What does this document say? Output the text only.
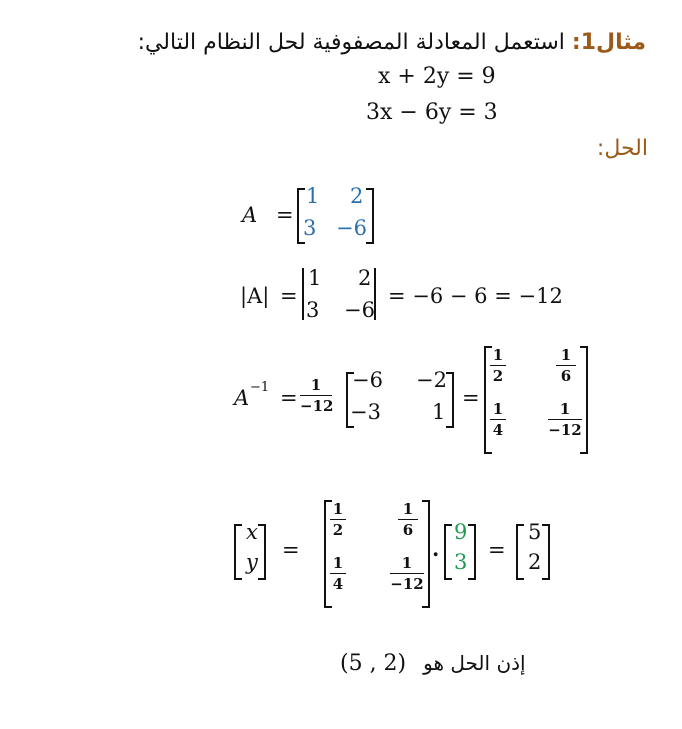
مثال1: استعمل المعادلة المصفوفية لحل النظام التالي:
x + 2y = 9
3x − 6y = 3
الحل:
A =
1 2
3 −6
|A| =
1 2
3 −6
= −6 − 6 = −12
A −1 =
1
−12
−6 −2
−3 1
=
1
2
1
6
1
4
1
−12
x
y =
1
2
1
6
1
4
1
−12
.
9
3 =
5
2
(5 , 2) إذن الحل هو
